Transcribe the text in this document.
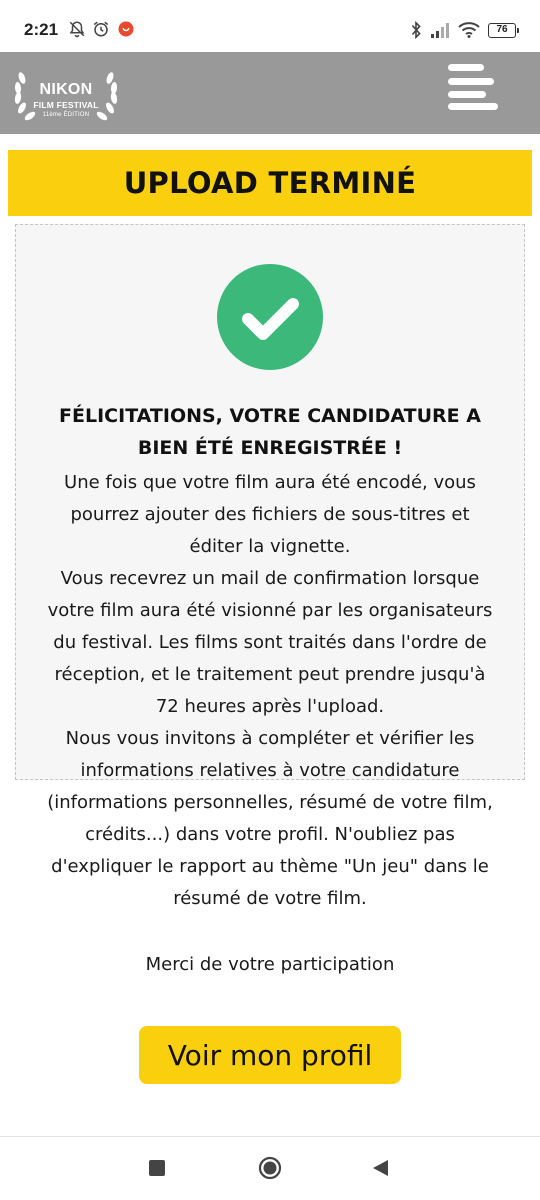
2:21	76
NIKON
FILM FESTIVAL
11ème ÉDITION
UPLOAD TERMINÉ
FÉLICITATIONS, VOTRE CANDIDATURE A
BIEN ÉTÉ ENREGISTRÉE !
Une fois que votre film aura été encodé, vous
pourrez ajouter des fichiers de sous-titres et
éditer la vignette.
Vous recevrez un mail de confirmation lorsque
votre film aura été visionné par les organisateurs
du festival. Les films sont traités dans l'ordre de
réception, et le traitement peut prendre jusqu'à
72 heures après l'upload.
Nous vous invitons à compléter et vérifier les
informations relatives à votre candidature
(informations personnelles, résumé de votre film,
crédits...) dans votre profil. N'oubliez pas
d'expliquer le rapport au thème "Un jeu" dans le
résumé de votre film.
Merci de votre participation
Voir mon profil
